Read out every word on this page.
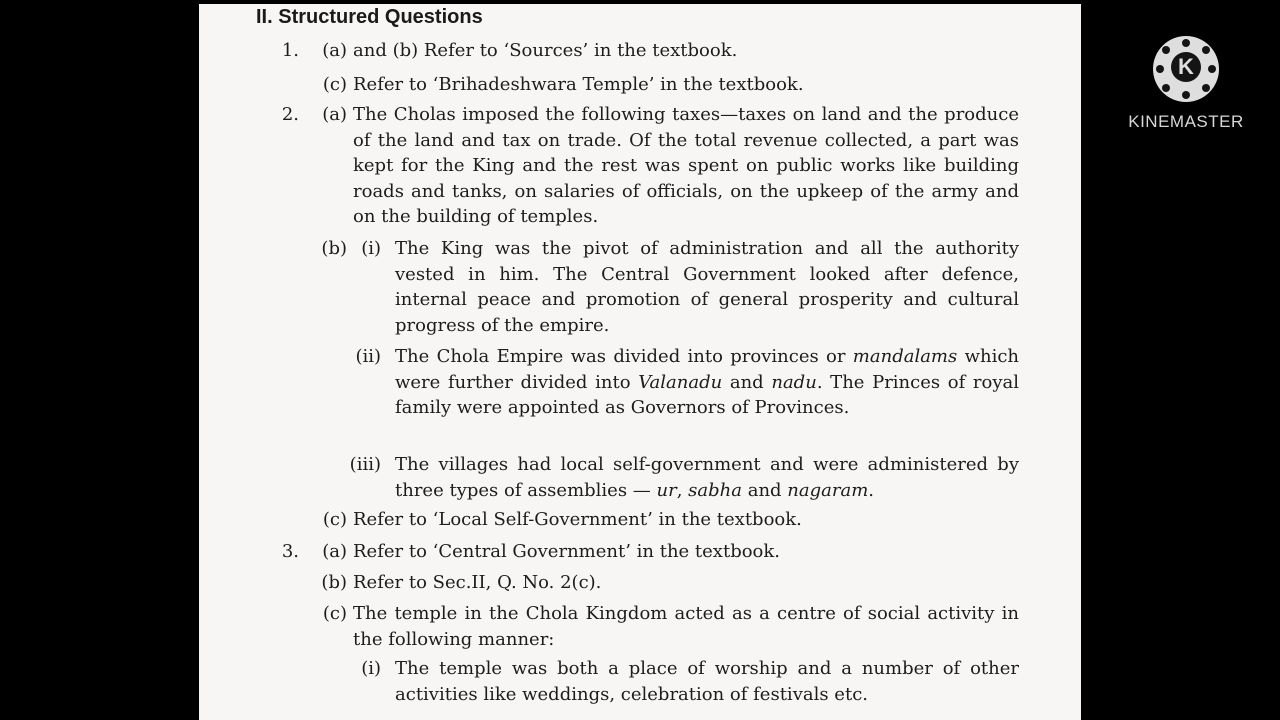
II. Structured Questions
1.	(a) and (b) Refer to ‘Sources’ in the textbook.
(c) Refer to ‘Brihadeshwara Temple’ in the textbook.
2.	(a) The Cholas imposed the following taxes—taxes on land and the produce of the land and tax on trade. Of the total revenue collected, a part was kept for the King and the rest was spent on public works like building roads and tanks, on salaries of officials, on the upkeep of the army and on the building of temples.
(b) (i) The King was the pivot of administration and all the authority vested in him. The Central Government looked after defence, internal peace and promotion of general prosperity and cultural progress of the empire.
(ii) The Chola Empire was divided into provinces or mandalams which were further divided into Valanadu and nadu. The Princes of royal family were appointed as Governors of Provinces.
(iii) The villages had local self-government and were administered by three types of assemblies — ur, sabha and nagaram.
(c) Refer to ‘Local Self-Government’ in the textbook.
3.	(a) Refer to ‘Central Government’ in the textbook.
(b) Refer to Sec.II, Q. No. 2(c).
(c) The temple in the Chola Kingdom acted as a centre of social activity in the following manner:
(i) The temple was both a place of worship and a number of other activities like weddings, celebration of festivals etc.
K
KINEMASTER
